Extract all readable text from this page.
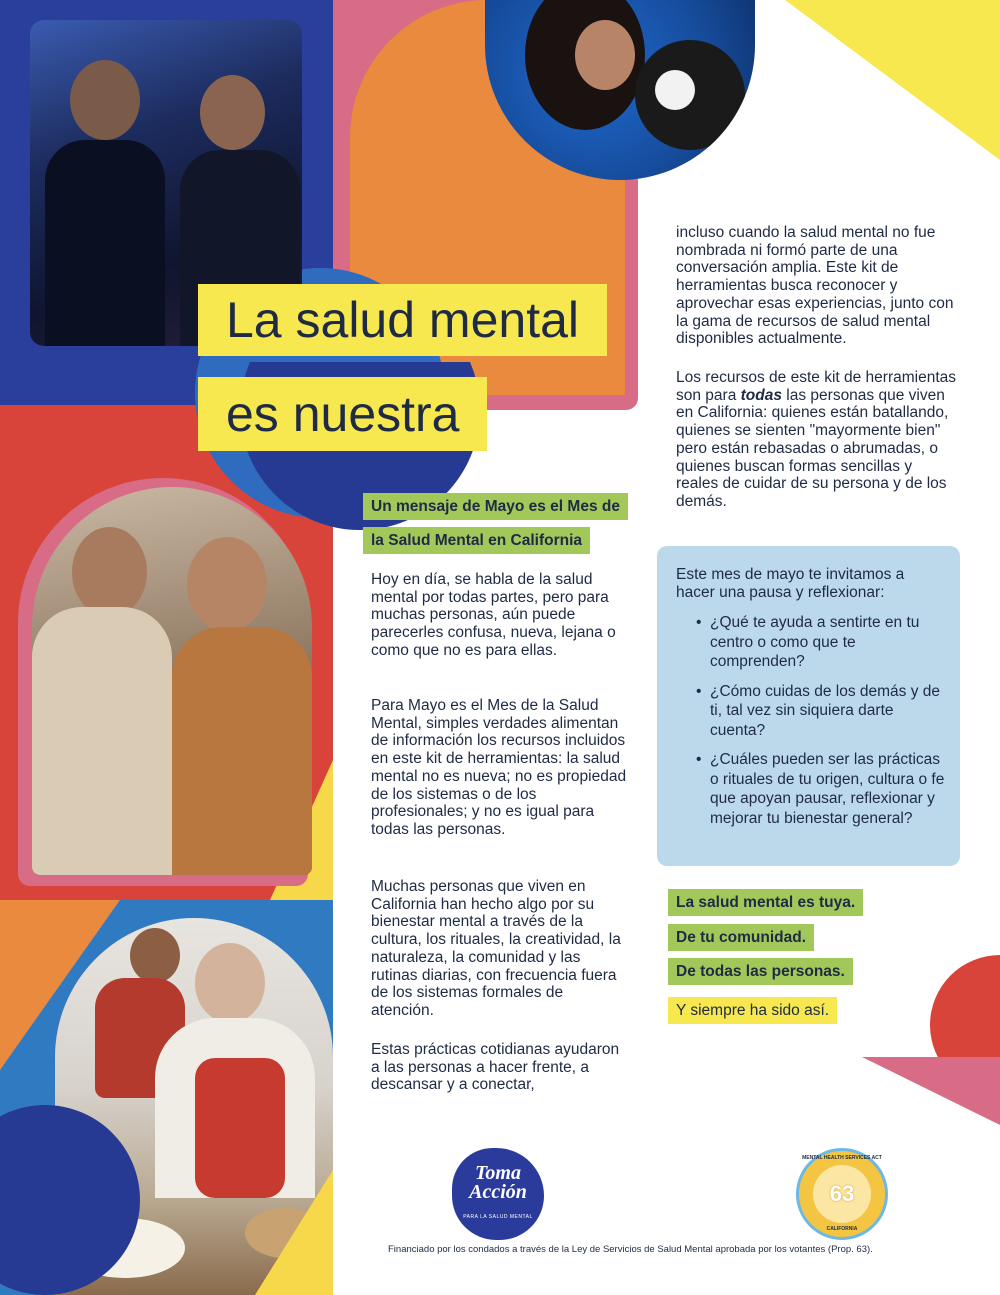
La salud mental
es nuestra
Un mensaje de Mayo es el Mes de
la Salud Mental en California
Hoy en día, se habla de la salud mental por todas partes, pero para muchas personas, aún puede parecerles confusa, nueva, lejana o como que no es para ellas.
Para Mayo es el Mes de la Salud Mental, simples verdades alimentan de información los recursos incluidos en este kit de herramientas: la salud mental no es nueva; no es propiedad de los sistemas o de los profesionales; y no es igual para todas las personas.
Muchas personas que viven en California han hecho algo por su bienestar mental a través de la cultura, los rituales, la creatividad, la naturaleza, la comunidad y las rutinas diarias, con frecuencia fuera de los sistemas formales de atención.
Estas prácticas cotidianas ayudaron a las personas a hacer frente, a descansar y a conectar,
incluso cuando la salud mental no fue nombrada ni formó parte de una conversación amplia. Este kit de herramientas busca reconocer y aprovechar esas experiencias, junto con la gama de recursos de salud mental disponibles actualmente.
Los recursos de este kit de herramientas son para todas las personas que viven en California: quienes están batallando, quienes se sienten "mayormente bien" pero están rebasadas o abrumadas, o quienes buscan formas sencillas y reales de cuidar de su persona y de los demás.
Este mes de mayo te invitamos a hacer una pausa y reflexionar:
• ¿Qué te ayuda a sentirte en tu centro o como que te comprenden?
• ¿Cómo cuidas de los demás y de ti, tal vez sin siquiera darte cuenta?
• ¿Cuáles pueden ser las prácticas o rituales de tu origen, cultura o fe que apoyan pausar, reflexionar y mejorar tu bienestar general?
La salud mental es tuya.
De tu comunidad.
De todas las personas.
Y siempre ha sido así.
Toma
Acción
PARA LA SALUD MENTAL
MENTAL HEALTH SERVICES ACT
63
CALIFORNIA
Financiado por los condados a través de la Ley de Servicios de Salud Mental aprobada por los votantes (Prop. 63).
